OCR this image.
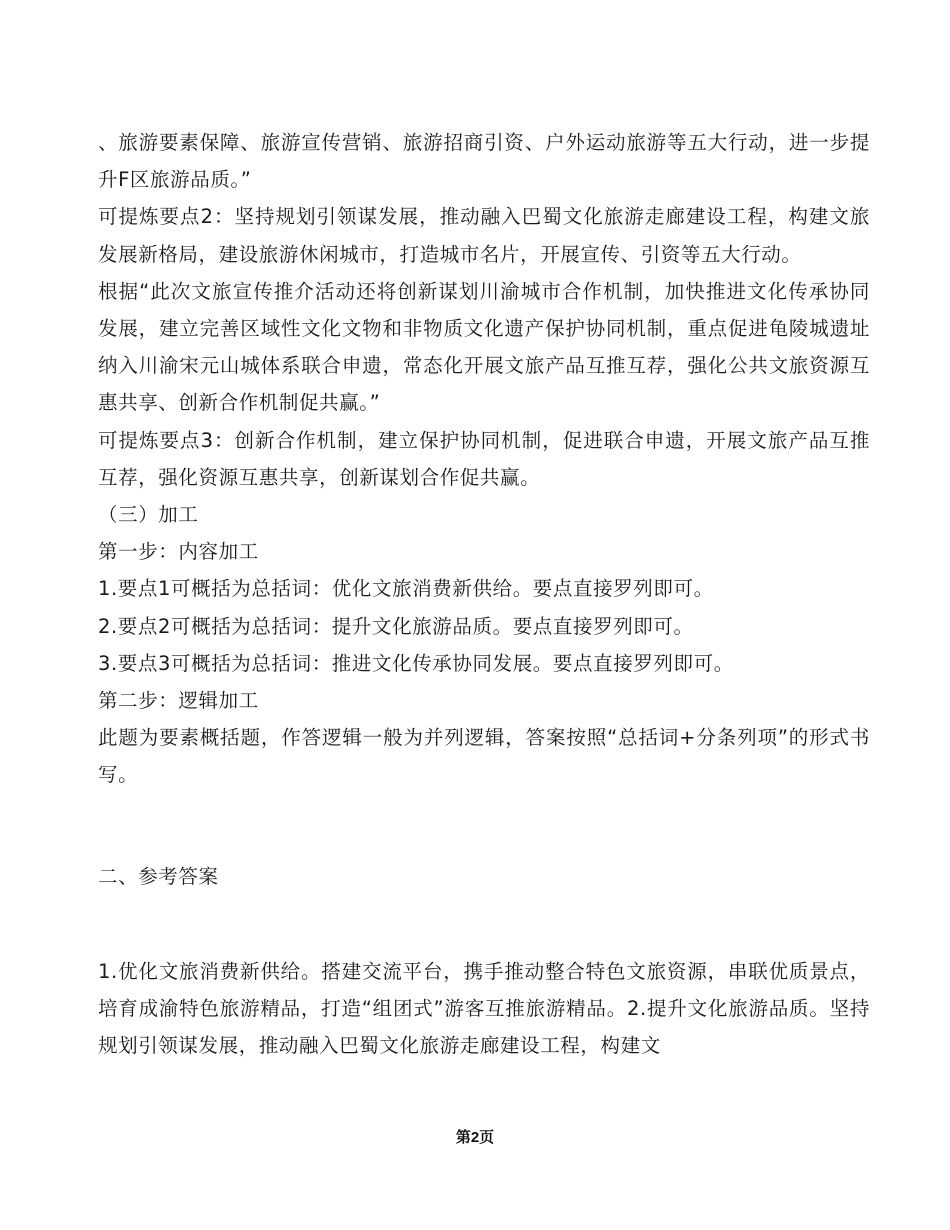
、旅游要素保障、旅游宣传营销、旅游招商引资、户外运动旅游等五大行动，进一步提升F区旅游品质。”

可提炼要点2：坚持规划引领谋发展，推动融入巴蜀文化旅游走廊建设工程，构建文旅发展新格局，建设旅游休闲城市，打造城市名片，开展宣传、引资等五大行动。

根据“此次文旅宣传推介活动还将创新谋划川渝城市合作机制，加快推进文化传承协同发展，建立完善区域性文化文物和非物质文化遗产保护协同机制，重点促进龟陵城遗址纳入川渝宋元山城体系联合申遗，常态化开展文旅产品互推互荐，强化公共文旅资源互惠共享、创新合作机制促共赢。”

可提炼要点3：创新合作机制，建立保护协同机制，促进联合申遗，开展文旅产品互推互荐，强化资源互惠共享，创新谋划合作促共赢。

（三）加工

第一步：内容加工

1.要点1可概括为总括词：优化文旅消费新供给。要点直接罗列即可。

2.要点2可概括为总括词：提升文化旅游品质。要点直接罗列即可。

3.要点3可概括为总括词：推进文化传承协同发展。要点直接罗列即可。

第二步：逻辑加工

此题为要素概括题，作答逻辑一般为并列逻辑，答案按照“总括词+分条列项”的形式书写。

二、参考答案

1.优化文旅消费新供给。搭建交流平台，携手推动整合特色文旅资源，串联优质景点，培育成渝特色旅游精品，打造“组团式”游客互推旅游精品。2.提升文化旅游品质。坚持规划引领谋发展，推动融入巴蜀文化旅游走廊建设工程，构建文

第2页
